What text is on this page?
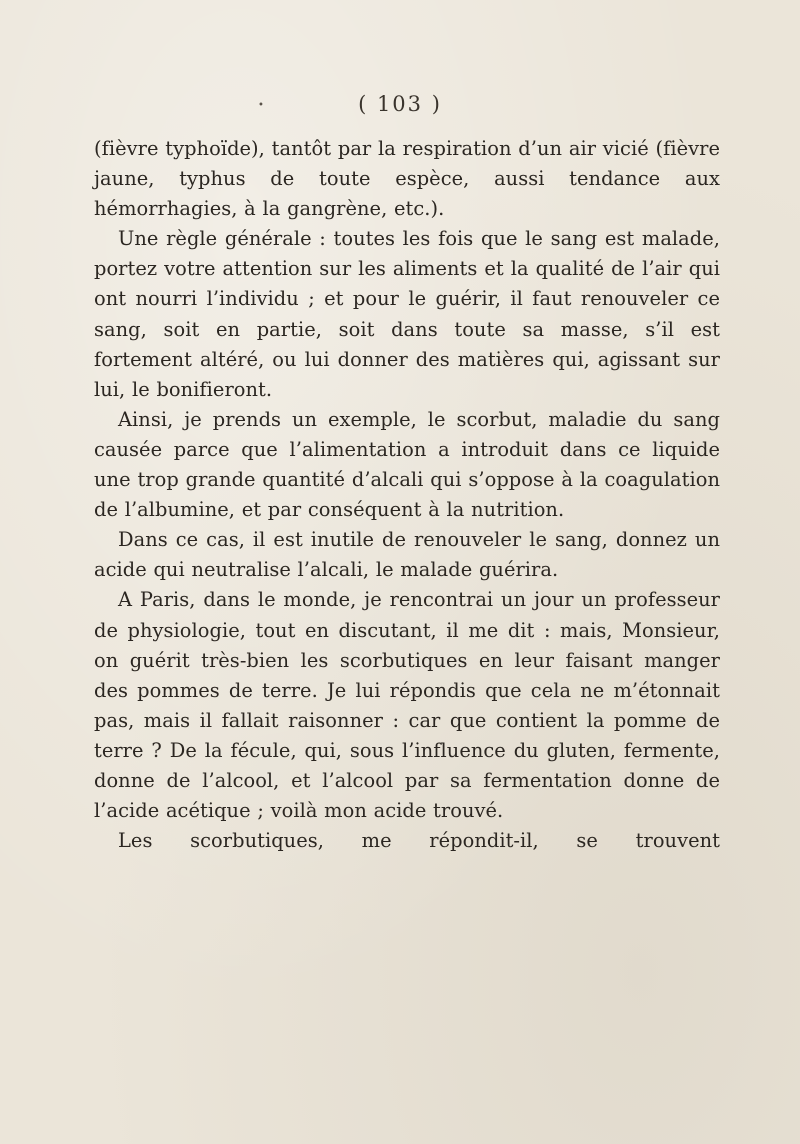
•	( 103 )

(fièvre typhoïde), tantôt par la respiration d’un air vicié (fièvre jaune, typhus de toute espèce, aussi tendance aux hémorrhagies, à la gangrène, etc.).

Une règle générale : toutes les fois que le sang est malade, portez votre attention sur les aliments et la qualité de l’air qui ont nourri l’individu ; et pour le guérir, il faut renouveler ce sang, soit en partie, soit dans toute sa masse, s’il est fortement altéré, ou lui donner des matières qui, agissant sur lui, le bonifieront.

Ainsi, je prends un exemple, le scorbut, maladie du sang causée parce que l’alimentation a introduit dans ce liquide une trop grande quantité d’alcali qui s’oppose à la coagulation de l’albumine, et par conséquent à la nutrition.

Dans ce cas, il est inutile de renouveler le sang, donnez un acide qui neutralise l’alcali, le malade guérira.

A Paris, dans le monde, je rencontrai un jour un professeur de physiologie, tout en discutant, il me dit : mais, Monsieur, on guérit très-bien les scorbutiques en leur faisant manger des pommes de terre. Je lui répondis que cela ne m’étonnait pas, mais il fallait raisonner : car que contient la pomme de terre ? De la fécule, qui, sous l’influence du gluten, fermente, donne de l’alcool, et l’alcool par sa fermentation donne de l’acide acétique ; voilà mon acide trouvé.

Les scorbutiques, me répondit-il, se trouvent
